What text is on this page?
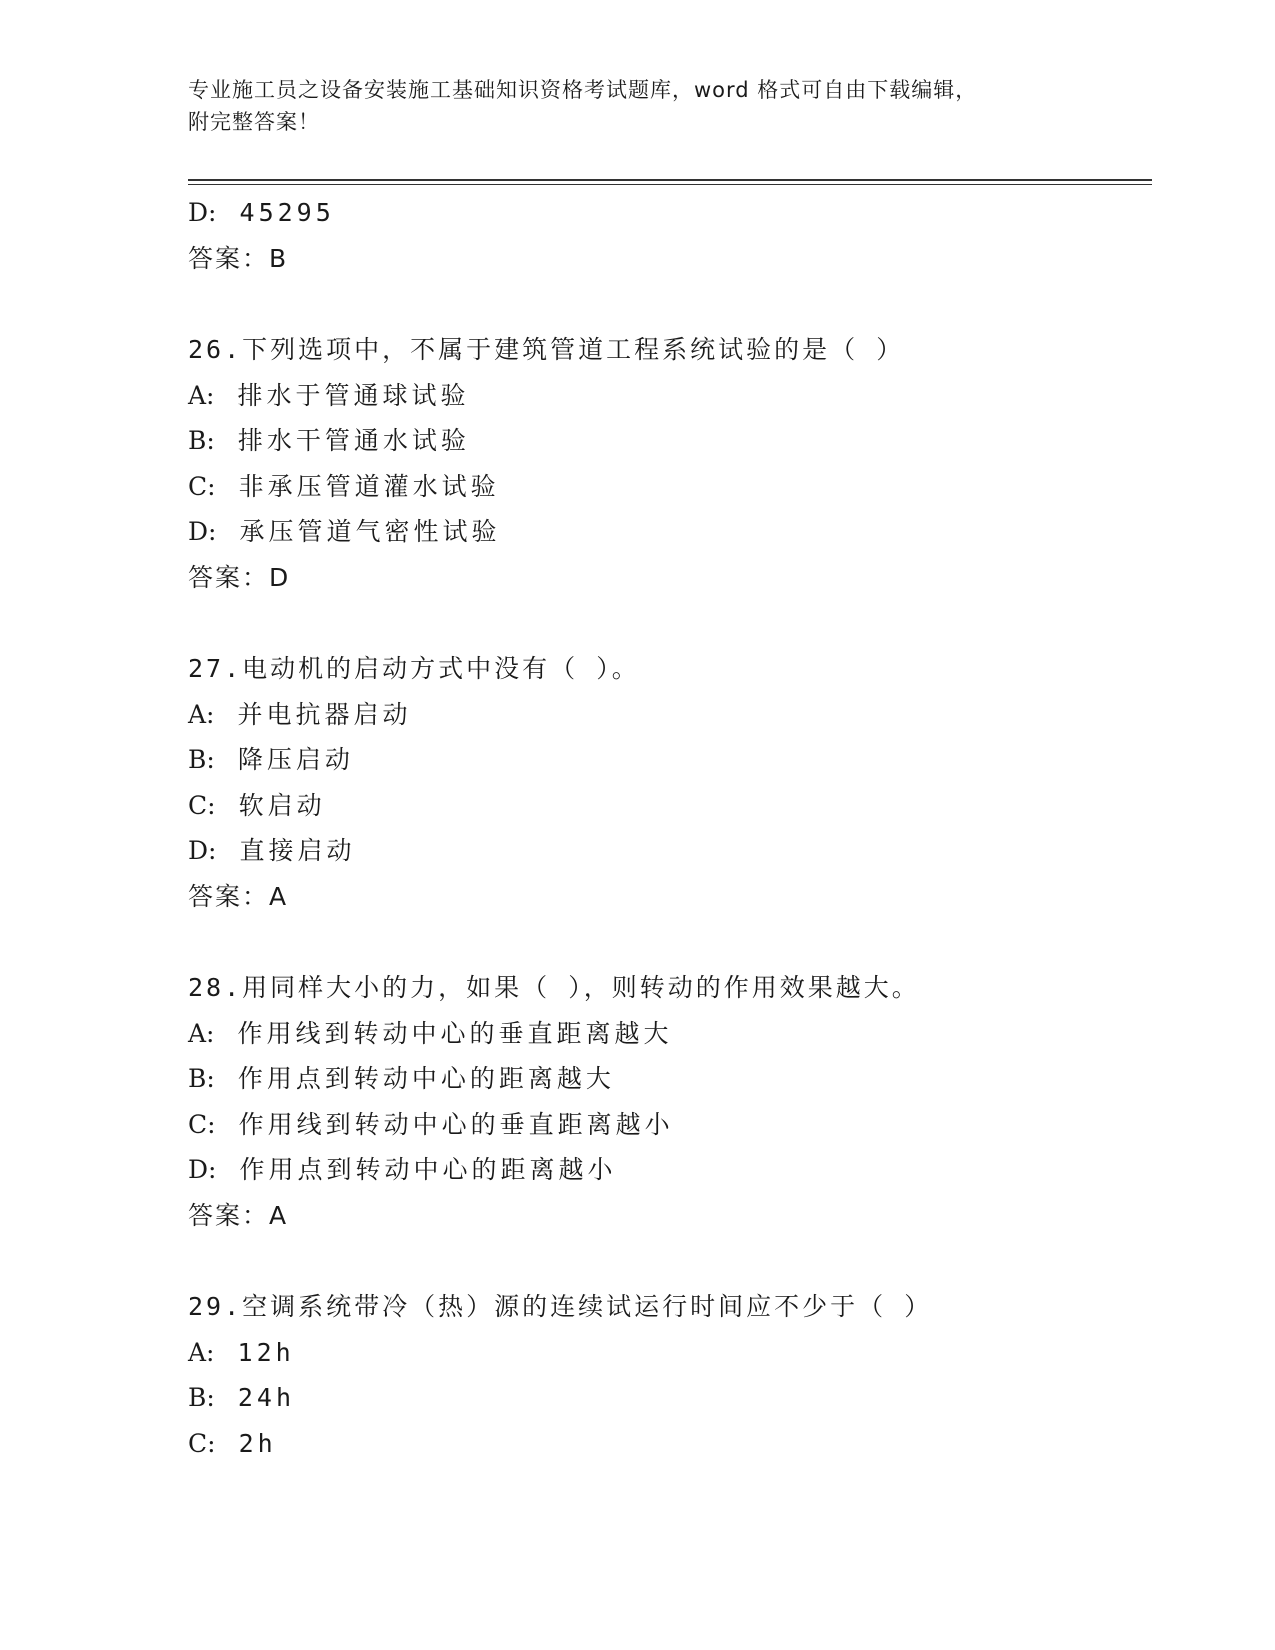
专业施工员之设备安装施工基础知识资格考试题库，word 格式可自由下载编辑，
附完整答案！
D: 45295
答案：B
26.下列选项中，不属于建筑管道工程系统试验的是（ ）
A: 排水于管通球试验
B: 排水干管通水试验
C: 非承压管道灌水试验
D: 承压管道气密性试验
答案：D
27.电动机的启动方式中没有（ ）。
A: 并电抗器启动
B: 降压启动
C: 软启动
D: 直接启动
答案：A
28.用同样大小的力，如果（ ），则转动的作用效果越大。
A: 作用线到转动中心的垂直距离越大
B: 作用点到转动中心的距离越大
C: 作用线到转动中心的垂直距离越小
D: 作用点到转动中心的距离越小
答案：A
29.空调系统带冷（热）源的连续试运行时间应不少于（ ）
A: 12h
B: 24h
C: 2h
